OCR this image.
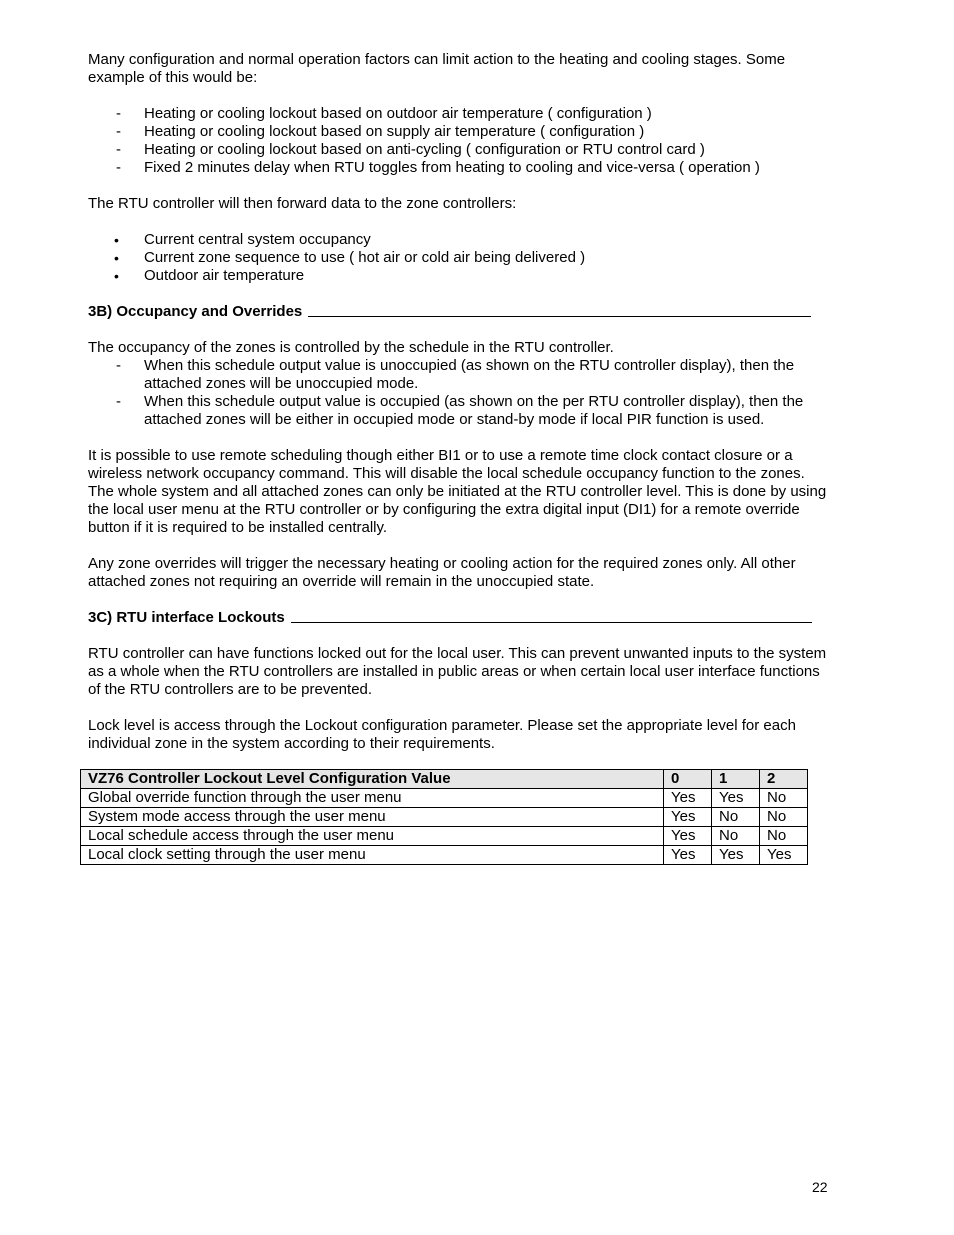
Many configuration and normal operation factors can limit action to the heating and cooling stages. Some example of this would be:

- Heating or cooling lockout based on outdoor air temperature ( configuration )
- Heating or cooling lockout based on supply air temperature ( configuration )
- Heating or cooling lockout based on anti-cycling ( configuration or RTU control card )
- Fixed 2 minutes delay when RTU toggles from heating to cooling and vice-versa ( operation )

The RTU controller will then forward data to the zone controllers:

• Current central system occupancy
• Current zone sequence to use ( hot air or cold air being delivered )
• Outdoor air temperature
3B) Occupancy and Overrides

The occupancy of the zones is controlled by the schedule in the RTU controller.

- When this schedule output value is unoccupied (as shown on the RTU controller display), then the attached zones will be unoccupied mode.
- When this schedule output value is occupied (as shown on the per RTU controller display), then the attached zones will be either in occupied mode or stand-by mode if local PIR function is used.

It is possible to use remote scheduling though either BI1 or to use a remote time clock contact closure or a wireless network occupancy command. This will disable the local schedule occupancy function to the zones. The whole system and all attached zones can only be initiated at the RTU controller level. This is done by using the local user menu at the RTU controller or by configuring the extra digital input (DI1) for a remote override button if it is required to be installed centrally.

Any zone overrides will trigger the necessary heating or cooling action for the required zones only. All other attached zones not requiring an override will remain in the unoccupied state.

3C) RTU interface Lockouts

RTU controller can have functions locked out for the local user. This can prevent unwanted inputs to the system as a whole when the RTU controllers are installed in public areas or when certain local user interface functions of the RTU controllers are to be prevented.

Lock level is access through the Lockout configuration parameter. Please set the appropriate level for each individual zone in the system according to their requirements.

VZ76 Controller Lockout Level Configuration Value	0	1	2
Global override function through the user menu	Yes	Yes	No
System mode access through the user menu	Yes	No	No
Local schedule access through the user menu	Yes	No	No
Local clock setting through the user menu	Yes	Yes	Yes
22
